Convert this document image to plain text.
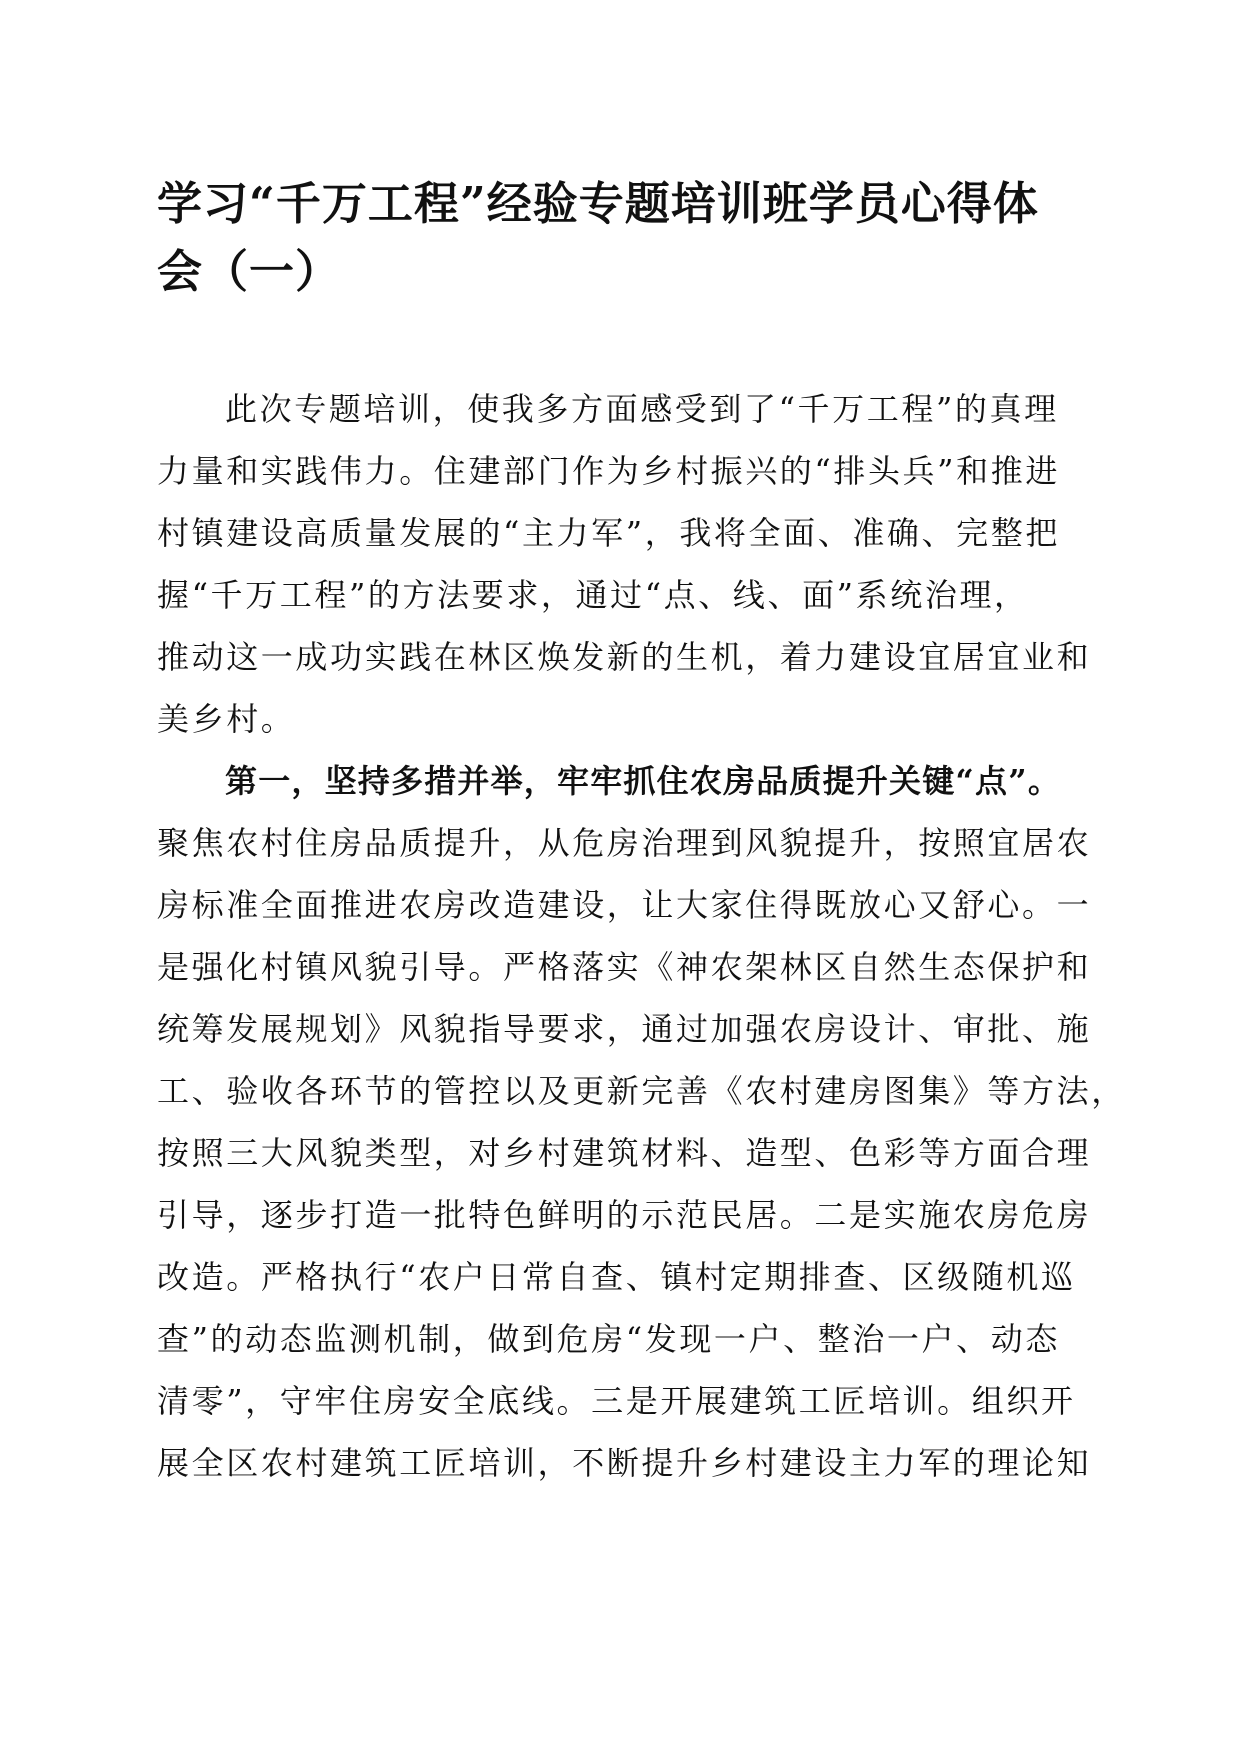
学习“千万工程”经验专题培训班学员心得体
会（一）
此次专题培训，使我多方面感受到了“千万工程”的真理
力量和实践伟力。住建部门作为乡村振兴的“排头兵”和推进
村镇建设高质量发展的“主力军”，我将全面、准确、完整把
握“千万工程”的方法要求，通过“点、线、面”系统治理，
推动这一成功实践在林区焕发新的生机，着力建设宜居宜业和
美乡村。
第一，坚持多措并举，牢牢抓住农房品质提升关键“点”。
聚焦农村住房品质提升，从危房治理到风貌提升，按照宜居农
房标准全面推进农房改造建设，让大家住得既放心又舒心。一
是强化村镇风貌引导。严格落实《神农架林区自然生态保护和
统筹发展规划》风貌指导要求，通过加强农房设计、审批、施
工、验收各环节的管控以及更新完善《农村建房图集》等方法，
按照三大风貌类型，对乡村建筑材料、造型、色彩等方面合理
引导，逐步打造一批特色鲜明的示范民居。二是实施农房危房
改造。严格执行“农户日常自查、镇村定期排查、区级随机巡
查”的动态监测机制，做到危房“发现一户、整治一户、动态
清零”，守牢住房安全底线。三是开展建筑工匠培训。组织开
展全区农村建筑工匠培训，不断提升乡村建设主力军的理论知
